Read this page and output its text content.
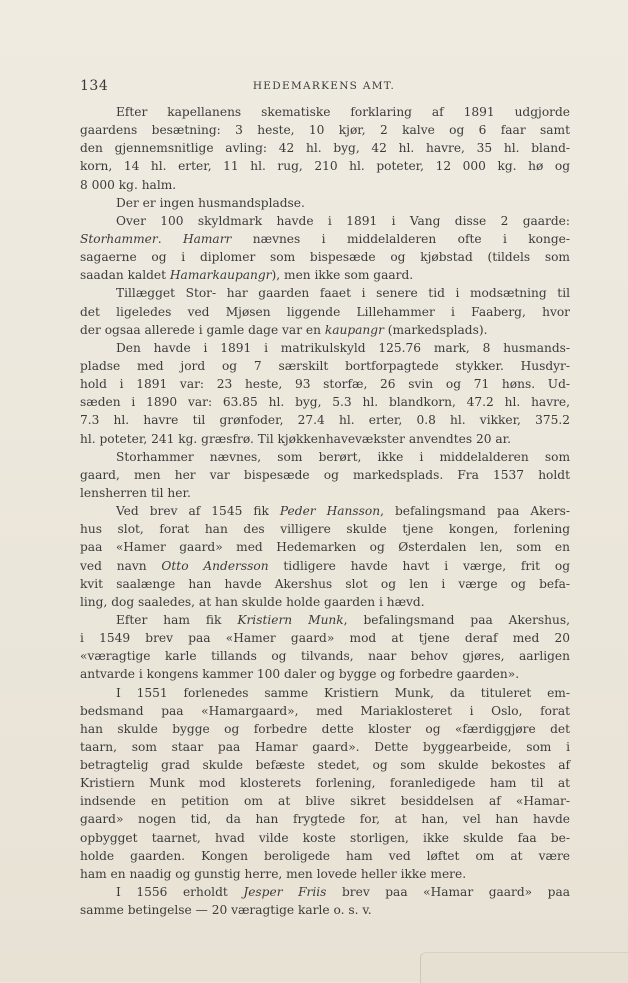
134	HEDEMARKENS AMT.
Efter kapellanens skematiske forklaring af 1891 udgjorde
gaardens besætning: 3 heste, 10 kjør, 2 kalve og 6 faar samt
den gjennemsnitlige avling: 42 hl. byg, 42 hl. havre, 35 hl. bland-
korn, 14 hl. erter, 11 hl. rug, 210 hl. poteter, 12 000 kg. hø og
8 000 kg. halm.
Der er ingen husmandspladse.
Over 100 skyldmark havde i 1891 i Vang disse 2 gaarde:
Storhammer. Hamarr nævnes i middelalderen ofte i konge-
sagaerne og i diplomer som bispesæde og kjøbstad (tildels som
saadan kaldet Hamarkaupangr), men ikke som gaard.
Tillægget Stor- har gaarden faaet i senere tid i modsætning til
det ligeledes ved Mjøsen liggende Lillehammer i Faaberg, hvor
der ogsaa allerede i gamle dage var en kaupangr (markedsplads).
Den havde i 1891 i matrikulskyld 125.76 mark, 8 husmands-
pladse med jord og 7 særskilt bortforpagtede stykker. Husdyr-
hold i 1891 var: 23 heste, 93 storfæ, 26 svin og 71 høns. Ud-
sæden i 1890 var: 63.85 hl. byg, 5.3 hl. blandkorn, 47.2 hl. havre,
7.3 hl. havre til grønfoder, 27.4 hl. erter, 0.8 hl. vikker, 375.2
hl. poteter, 241 kg. græsfrø. Til kjøkkenhavevækster anvendtes 20 ar.
Storhammer nævnes, som berørt, ikke i middelalderen som
gaard, men her var bispesæde og markedsplads. Fra 1537 holdt
lensherren til her.
Ved brev af 1545 fik Peder Hansson, befalingsmand paa Akers-
hus slot, forat han des villigere skulde tjene kongen, forlening
paa «Hamer gaard» med Hedemarken og Østerdalen len, som en
ved navn Otto Andersson tidligere havde havt i værge, frit og
kvit saalænge han havde Akershus slot og len i værge og befa-
ling, dog saaledes, at han skulde holde gaarden i hævd.
Efter ham fik Kristiern Munk, befalingsmand paa Akershus,
i 1549 brev paa «Hamer gaard» mod at tjene deraf med 20
«væragtige karle tillands og tilvands, naar behov gjøres, aarligen
antvarde i kongens kammer 100 daler og bygge og forbedre gaarden».
I 1551 forlenedes samme Kristiern Munk, da tituleret em-
bedsmand paa «Hamargaard», med Mariaklosteret i Oslo, forat
han skulde bygge og forbedre dette kloster og «færdiggjøre det
taarn, som staar paa Hamar gaard». Dette byggearbeide, som i
betragtelig grad skulde befæste stedet, og som skulde bekostes af
Kristiern Munk mod klosterets forlening, foranledigede ham til at
indsende en petition om at blive sikret besiddelsen af «Hamar-
gaard» nogen tid, da han frygtede for, at han, vel han havde
opbygget taarnet, hvad vilde koste storligen, ikke skulde faa be-
holde gaarden. Kongen beroligede ham ved løftet om at være
ham en naadig og gunstig herre, men lovede heller ikke mere.
I 1556 erholdt Jesper Friis brev paa «Hamar gaard» paa
samme betingelse — 20 væragtige karle o. s. v.
